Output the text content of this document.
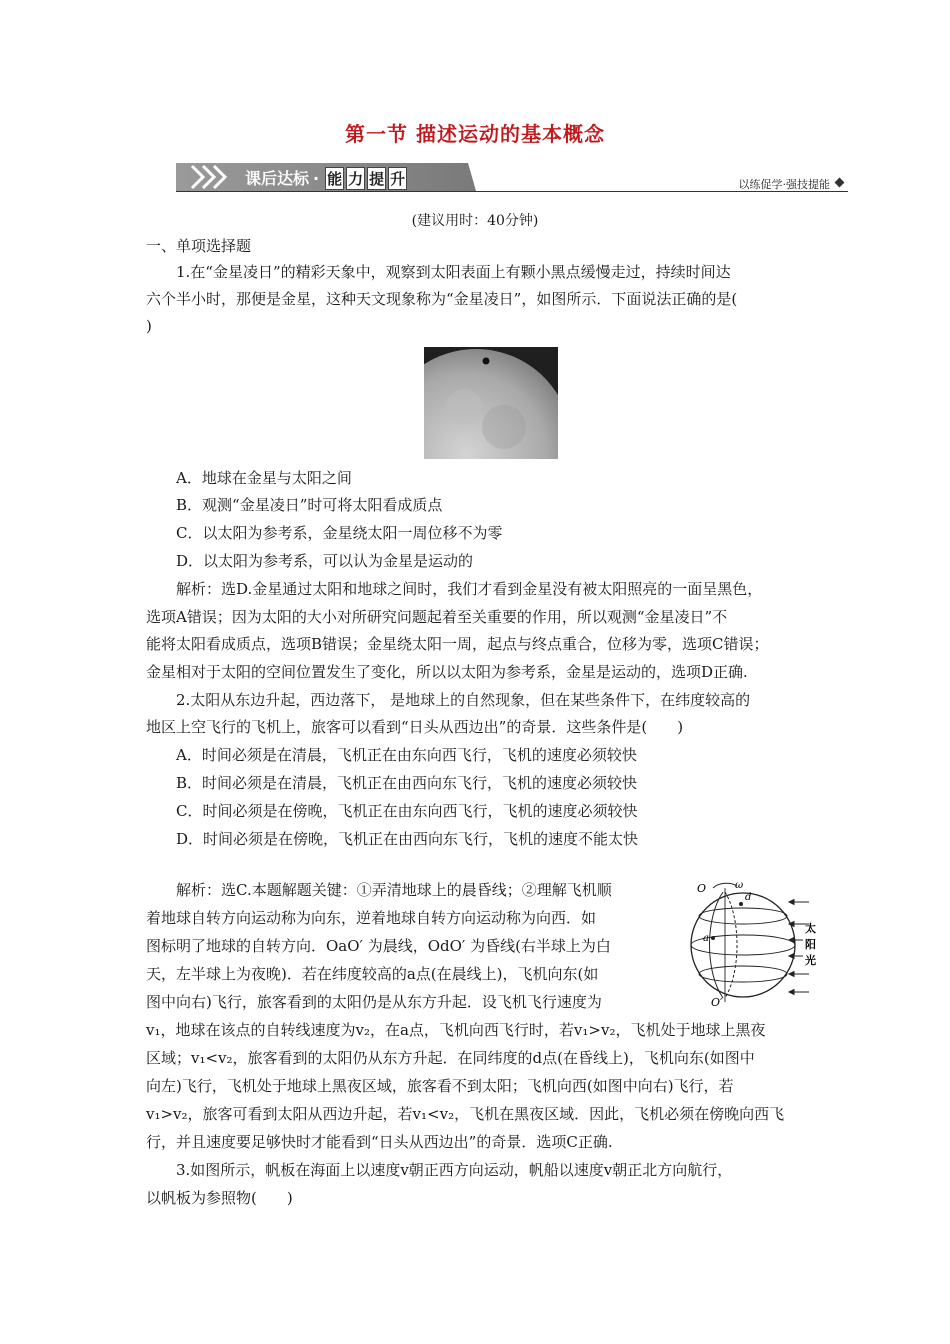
第一节 描述运动的基本概念
课后达标 · 能 力 提 升	以练促学·强技提能
(建议用时：40分钟)
一、单项选择题
1.在“金星凌日”的精彩天象中，观察到太阳表面上有颗小黑点缓慢走过，持续时间达
六个半小时，那便是金星，这种天文现象称为“金星凌日”，如图所示．下面说法正确的是(
)
A．地球在金星与太阳之间
B．观测“金星凌日”时可将太阳看成质点
C．以太阳为参考系，金星绕太阳一周位移不为零
D．以太阳为参考系，可以认为金星是运动的
解析：选D.金星通过太阳和地球之间时，我们才看到金星没有被太阳照亮的一面呈黑色，
选项A错误；因为太阳的大小对所研究问题起着至关重要的作用，所以观测“金星凌日”不
能将太阳看成质点，选项B错误；金星绕太阳一周，起点与终点重合，位移为零，选项C错误；
金星相对于太阳的空间位置发生了变化，所以以太阳为参考系，金星是运动的，选项D正确.
2.太阳从东边升起，西边落下， 是地球上的自然现象，但在某些条件下，在纬度较高的
地区上空飞行的飞机上，旅客可以看到“日头从西边出”的奇景．这些条件是(　　)
A．时间必须是在清晨，飞机正在由东向西飞行，飞机的速度必须较快
B．时间必须是在清晨，飞机正在由西向东飞行，飞机的速度必须较快
C．时间必须是在傍晚，飞机正在由东向西飞行，飞机的速度必须较快
D．时间必须是在傍晚，飞机正在由西向东飞行，飞机的速度不能太快
解析：选C.本题解题关键：①弄清地球上的晨昏线；②理解飞机顺
着地球自转方向运动称为向东，逆着地球自转方向运动称为向西．如
图标明了地球的自转方向．OaO′ 为晨线，OdO′ 为昏线(右半球上为白
天，左半球上为夜晚)．若在纬度较高的a点(在晨线上)，飞机向东(如
图中向右)飞行，旅客看到的太阳仍是从东方升起．设飞机飞行速度为
v₁，地球在该点的自转线速度为v₂，在a点，飞机向西飞行时，若v₁>v₂，飞机处于地球上黑夜
区域；v₁<v₂，旅客看到的太阳仍从东方升起．在同纬度的d点(在昏线上)，飞机向东(如图中
向左)飞行，飞机处于地球上黑夜区域，旅客看不到太阳；飞机向西(如图中向右)飞行，若
v₁>v₂，旅客可看到太阳从西边升起，若v₁<v₂，飞机在黑夜区域．因此，飞机必须在傍晚向西飞
行，并且速度要足够快时才能看到“日头从西边出”的奇景．选项C正确.
O	ω
d
a
O′
太
阳
光
3.如图所示，帆板在海面上以速度v朝正西方向运动，帆船以速度v朝正北方向航行，
以帆板为参照物(　　)
